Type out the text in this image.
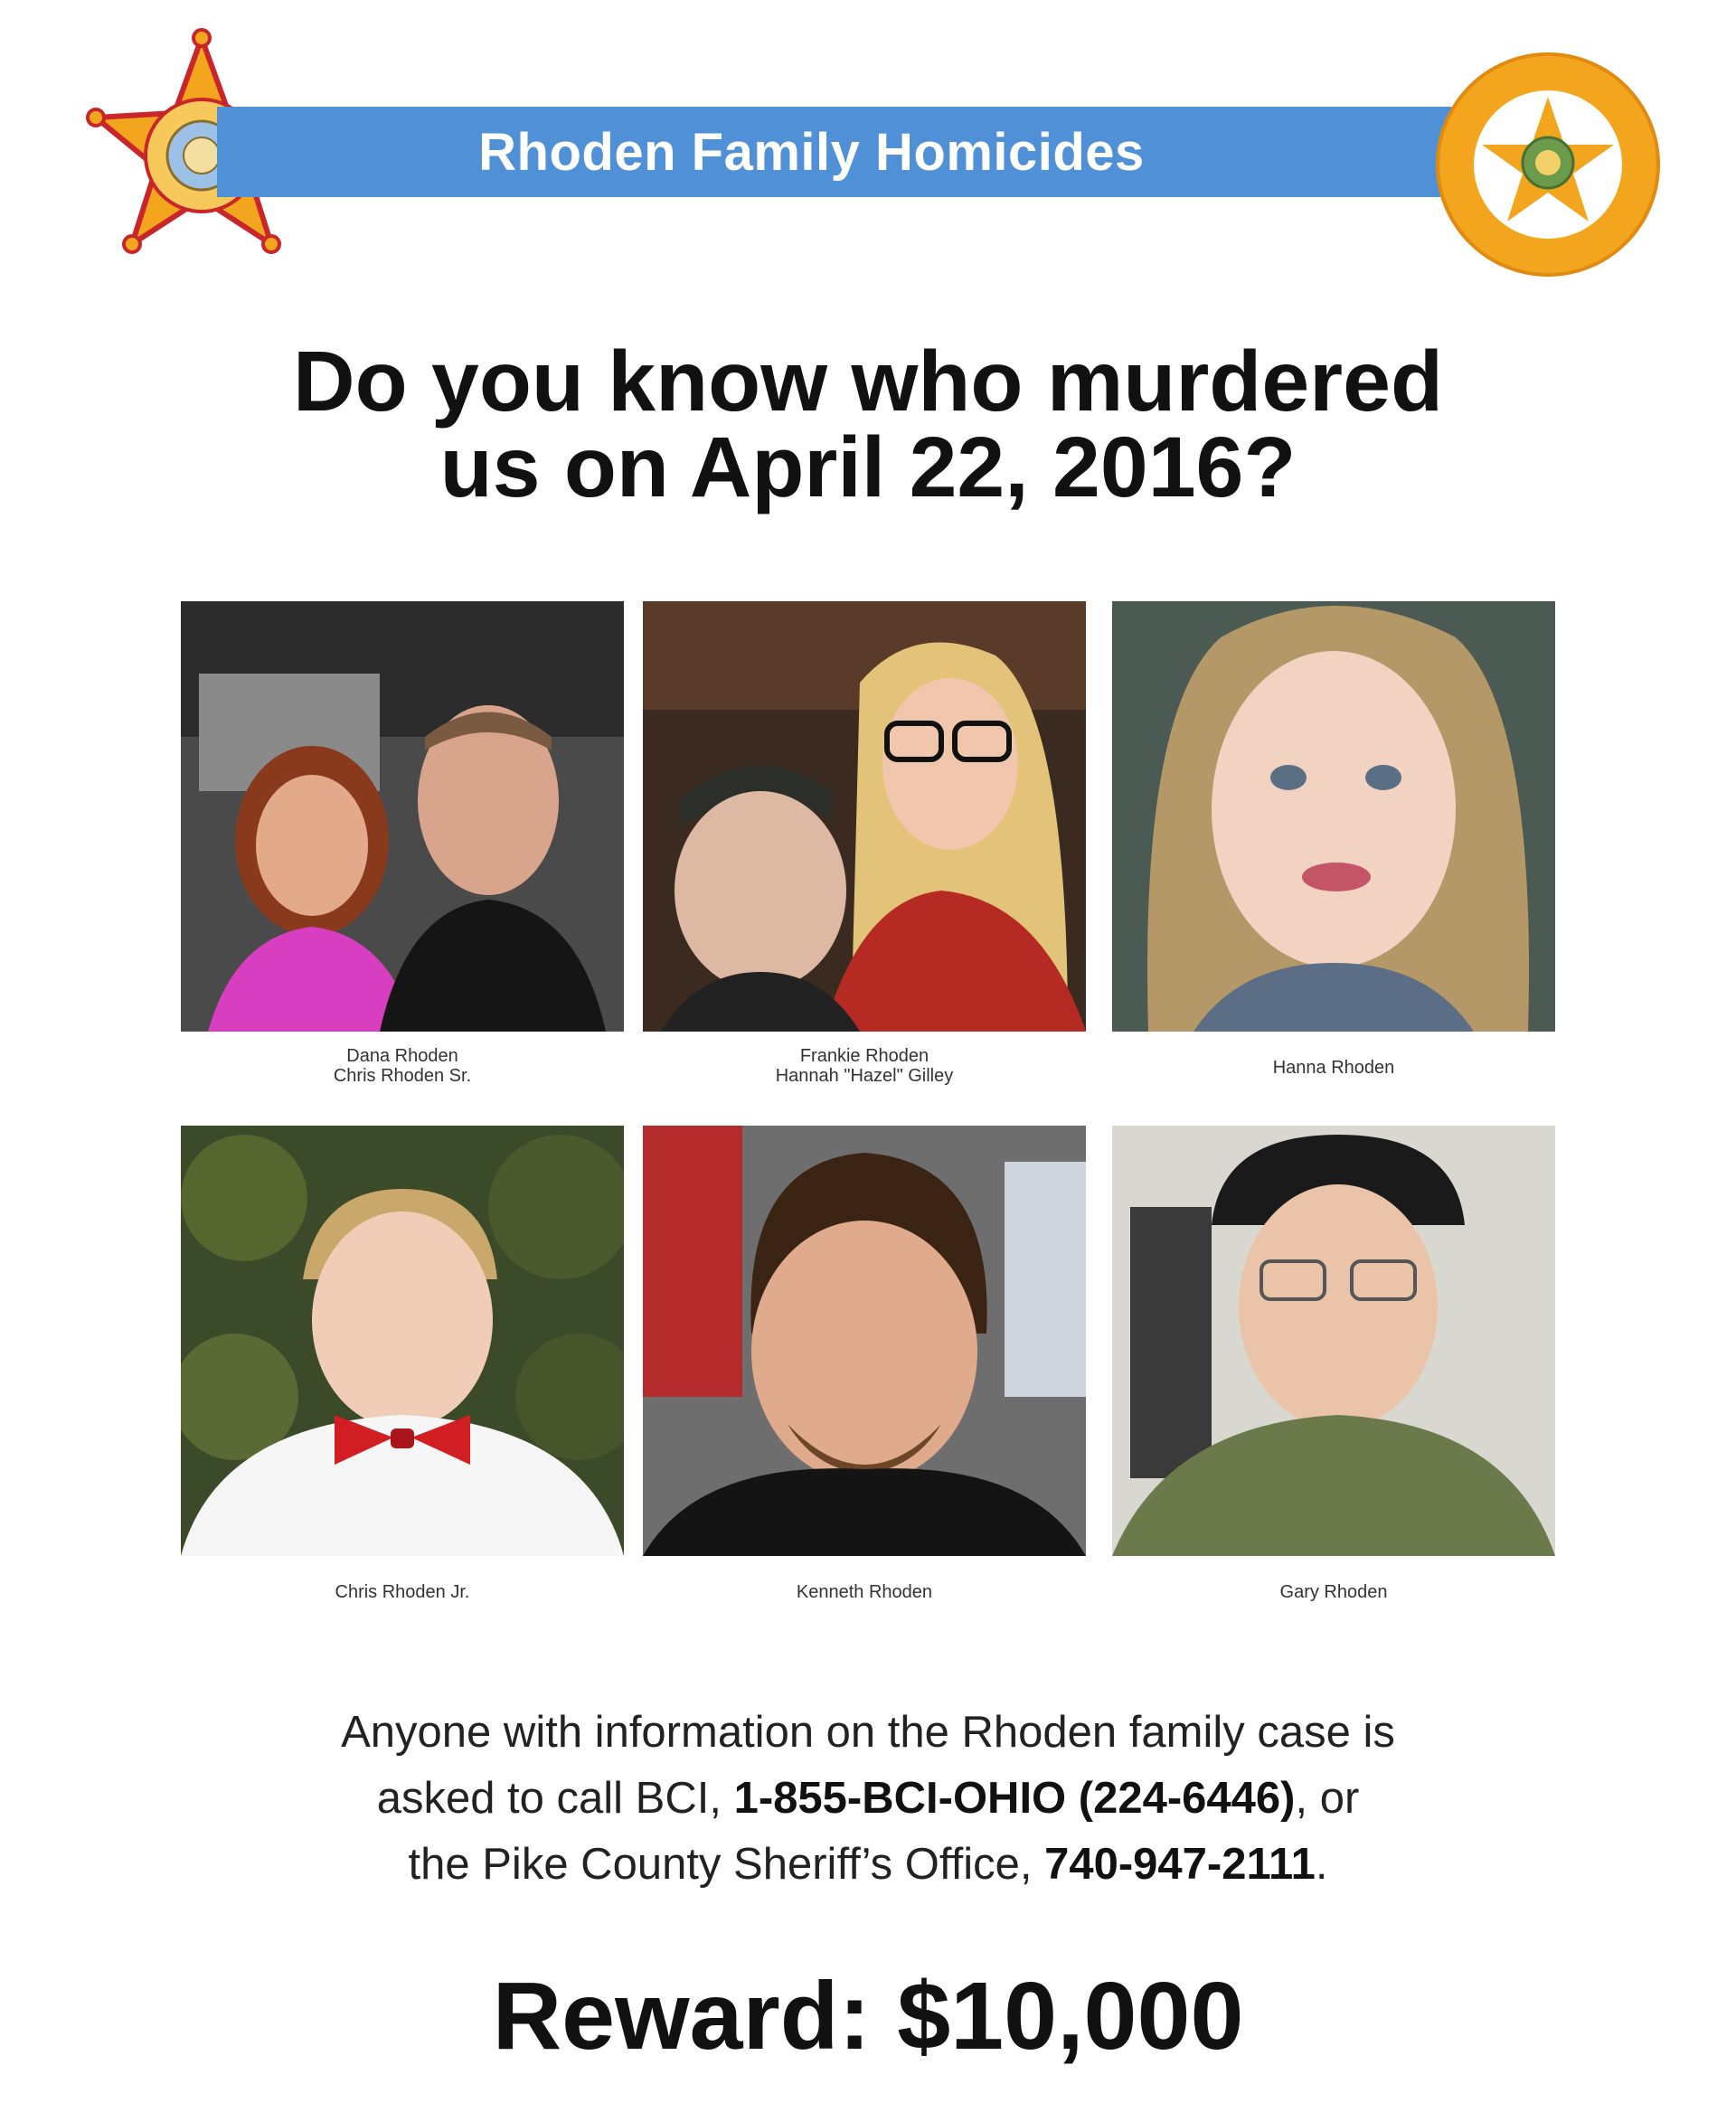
Rhoden Family Homicides
Do you know who murdered
us on April 22, 2016?
Dana Rhoden
Chris Rhoden Sr.
Frankie Rhoden
Hannah "Hazel" Gilley	Hanna Rhoden
Chris Rhoden Jr.	Kenneth Rhoden	Gary Rhoden
Anyone with information on the Rhoden family case is
asked to call BCI, 1-855-BCI-OHIO (224-6446), or
the Pike County Sheriff’s Office, 740-947-2111.
Reward: $10,000
